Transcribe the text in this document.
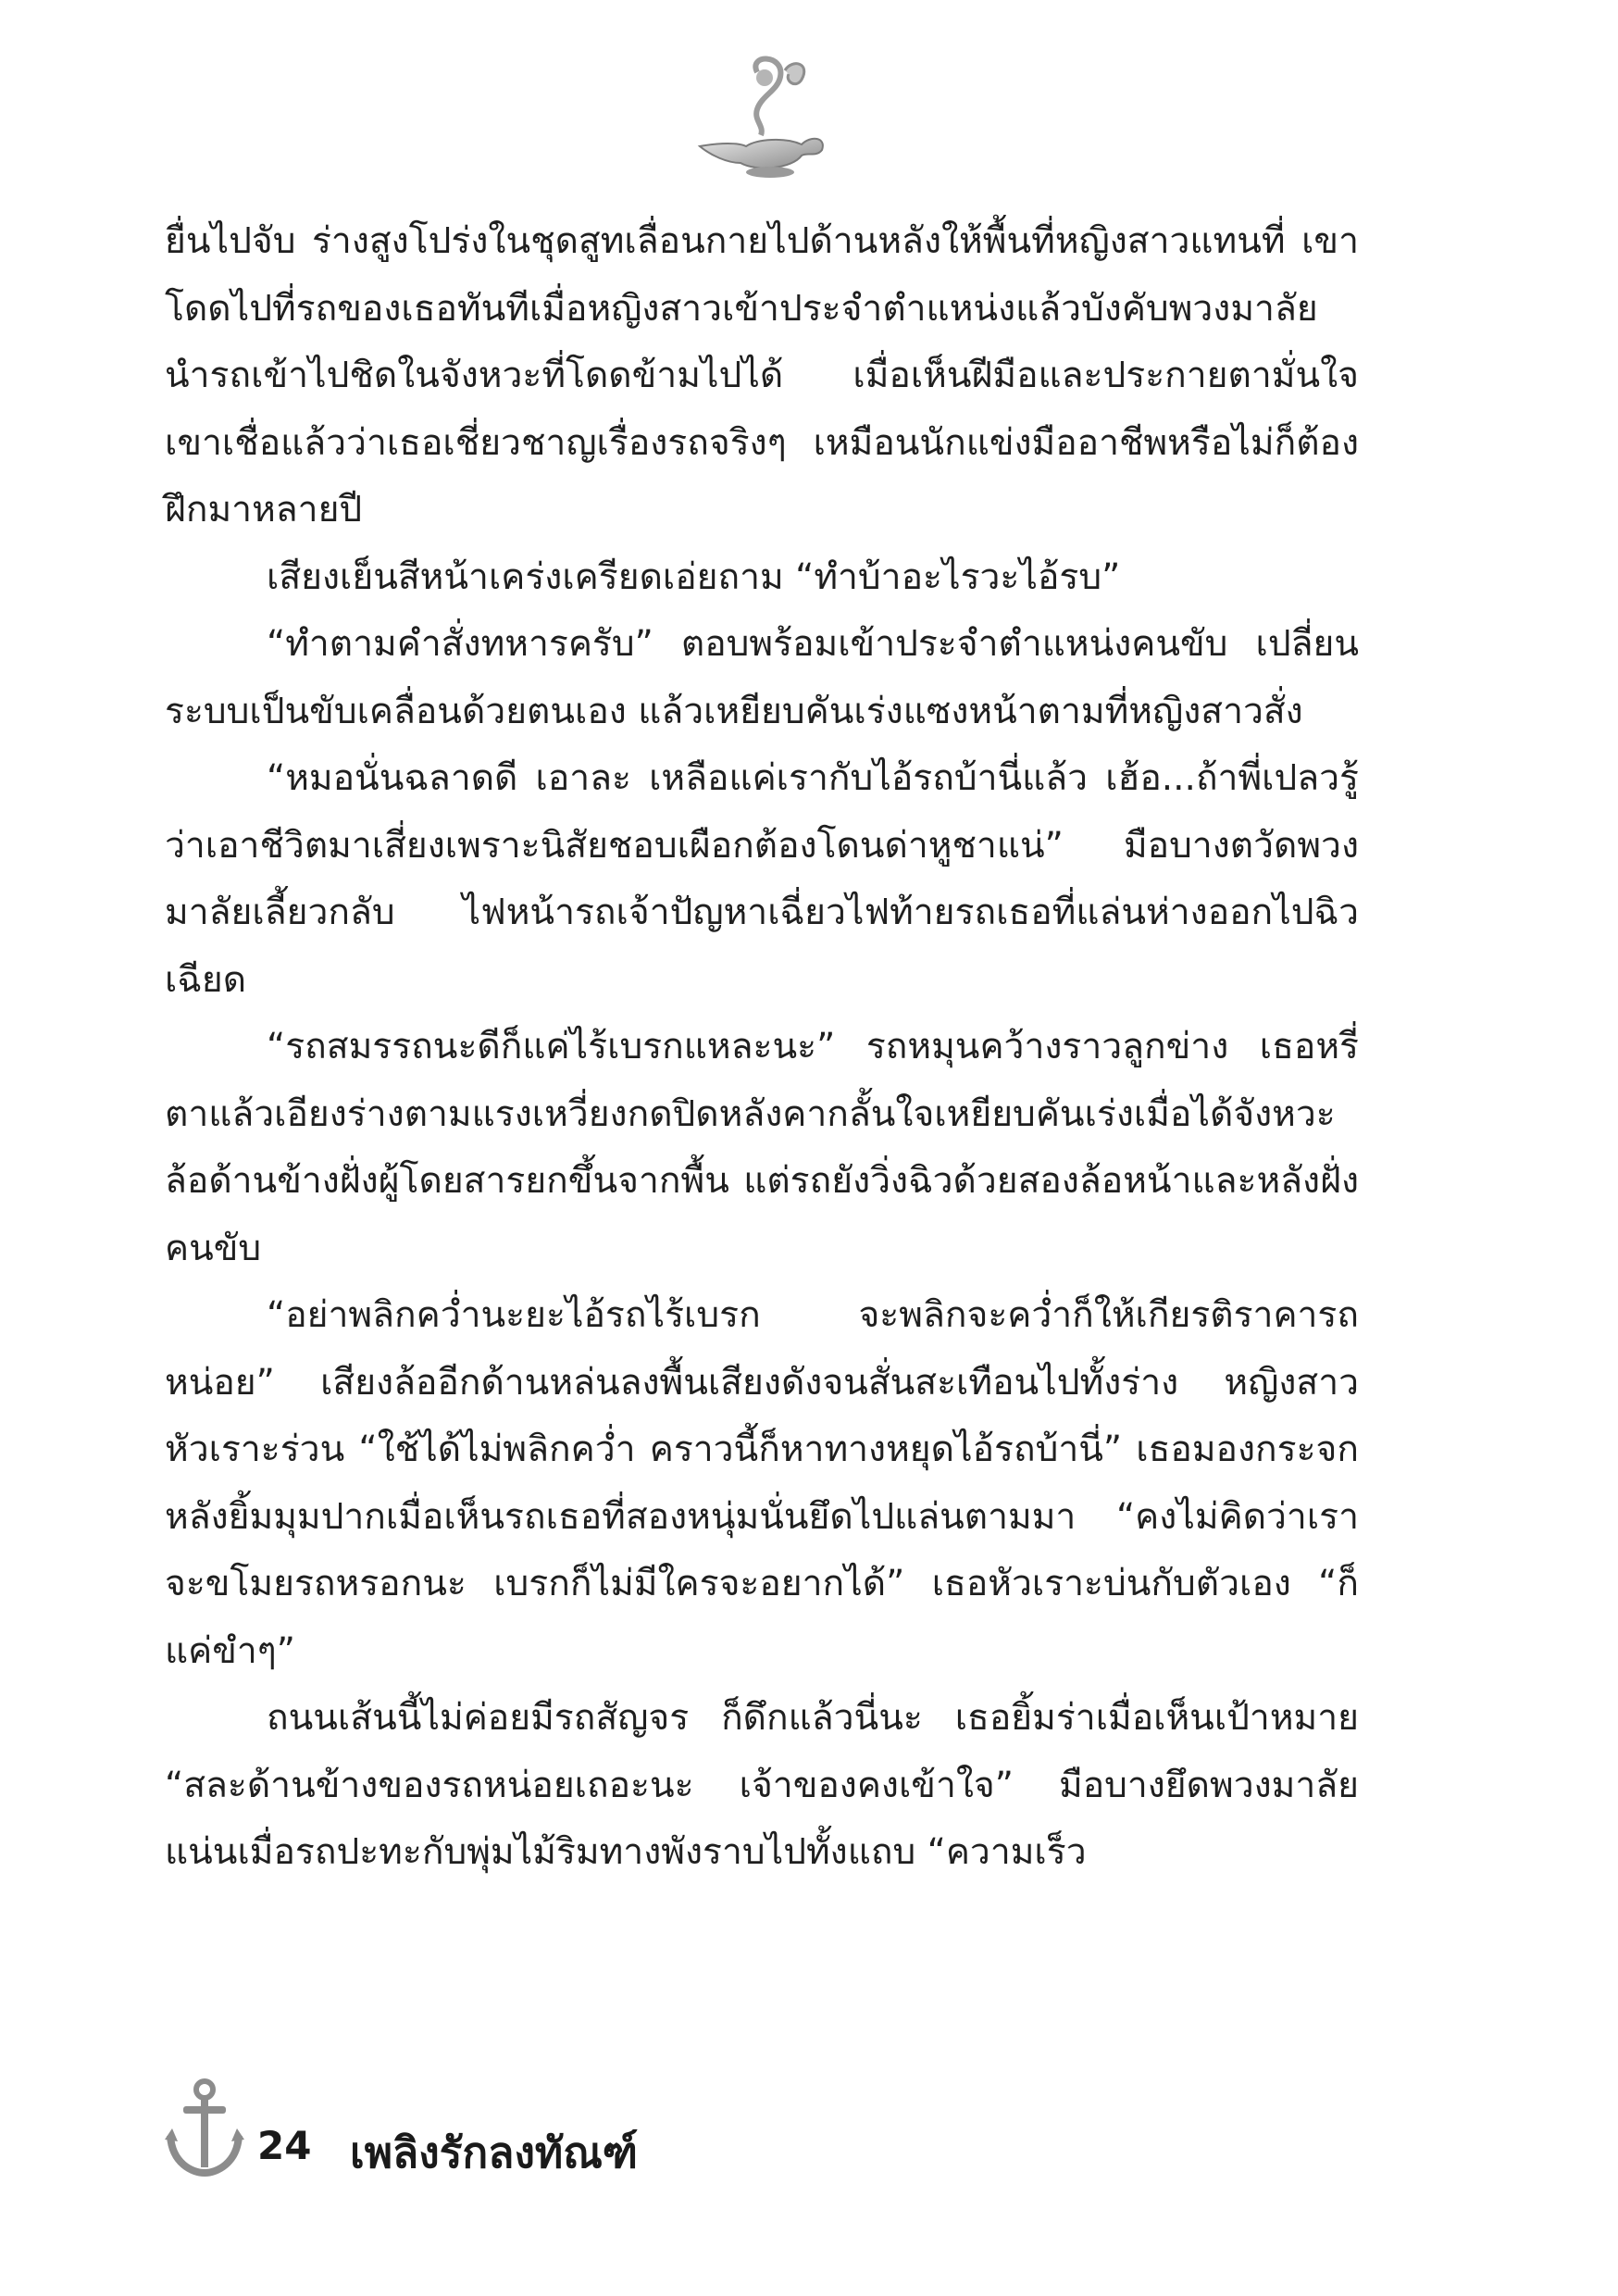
ยื่นไปจับ ร่างสูงโปร่งในชุดสูทเลื่อนกายไปด้านหลังให้พื้นที่หญิงสาวแทนที่ เขาโดดไปที่รถของเธอทันทีเมื่อหญิงสาวเข้าประจำตำแหน่งแล้วบังคับพวงมาลัยนำรถเข้าไปชิดในจังหวะที่โดดข้ามไปได้ เมื่อเห็นฝีมือและประกายตามั่นใจ เขาเชื่อแล้วว่าเธอเชี่ยวชาญเรื่องรถจริงๆ เหมือนนักแข่งมืออาชีพหรือไม่ก็ต้องฝึกมาหลายปี

เสียงเย็นสีหน้าเคร่งเครียดเอ่ยถาม “ทำบ้าอะไรวะไอ้รบ”

“ทำตามคำสั่งทหารครับ” ตอบพร้อมเข้าประจำตำแหน่งคนขับ เปลี่ยนระบบเป็นขับเคลื่อนด้วยตนเอง แล้วเหยียบคันเร่งแซงหน้าตามที่หญิงสาวสั่ง

“หมอนั่นฉลาดดี เอาละ เหลือแค่เรากับไอ้รถบ้านี่แล้ว เฮ้อ...ถ้าพี่เปลวรู้ว่าเอาชีวิตมาเสี่ยงเพราะนิสัยชอบเผือกต้องโดนด่าหูชาแน่” มือบางตวัดพวงมาลัยเลี้ยวกลับ ไฟหน้ารถเจ้าปัญหาเฉี่ยวไฟท้ายรถเธอที่แล่นห่างออกไปฉิวเฉียด

“รถสมรรถนะดีก็แค่ไร้เบรกแหละนะ” รถหมุนคว้างราวลูกข่าง เธอหรี่ตาแล้วเอียงร่างตามแรงเหวี่ยงกดปิดหลังคากลั้นใจเหยียบคันเร่งเมื่อได้จังหวะ ล้อด้านข้างฝั่งผู้โดยสารยกขึ้นจากพื้น แต่รถยังวิ่งฉิวด้วยสองล้อหน้าและหลังฝั่งคนขับ

“อย่าพลิกคว่ำนะยะไอ้รถไร้เบรก จะพลิกจะคว่ำก็ให้เกียรติราคารถหน่อย” เสียงล้ออีกด้านหล่นลงพื้นเสียงดังจนสั่นสะเทือนไปทั้งร่าง หญิงสาวหัวเราะร่วน “ใช้ได้ไม่พลิกคว่ำ คราวนี้ก็หาทางหยุดไอ้รถบ้านี่” เธอมองกระจกหลังยิ้มมุมปากเมื่อเห็นรถเธอที่สองหนุ่มนั่นยึดไปแล่นตามมา “คงไม่คิดว่าเราจะขโมยรถหรอกนะ เบรกก็ไม่มีใครจะอยากได้” เธอหัวเราะบ่นกับตัวเอง “ก็แค่ขำๆ”

ถนนเส้นนี้ไม่ค่อยมีรถสัญจร ก็ดึกแล้วนี่นะ เธอยิ้มร่าเมื่อเห็นเป้าหมาย “สละด้านข้างของรถหน่อยเถอะนะ เจ้าของคงเข้าใจ” มือบางยึดพวงมาลัยแน่นเมื่อรถปะทะกับพุ่มไม้ริมทางพังราบไปทั้งแถบ “ความเร็ว

24 เพลิงรักลงทัณฑ์
